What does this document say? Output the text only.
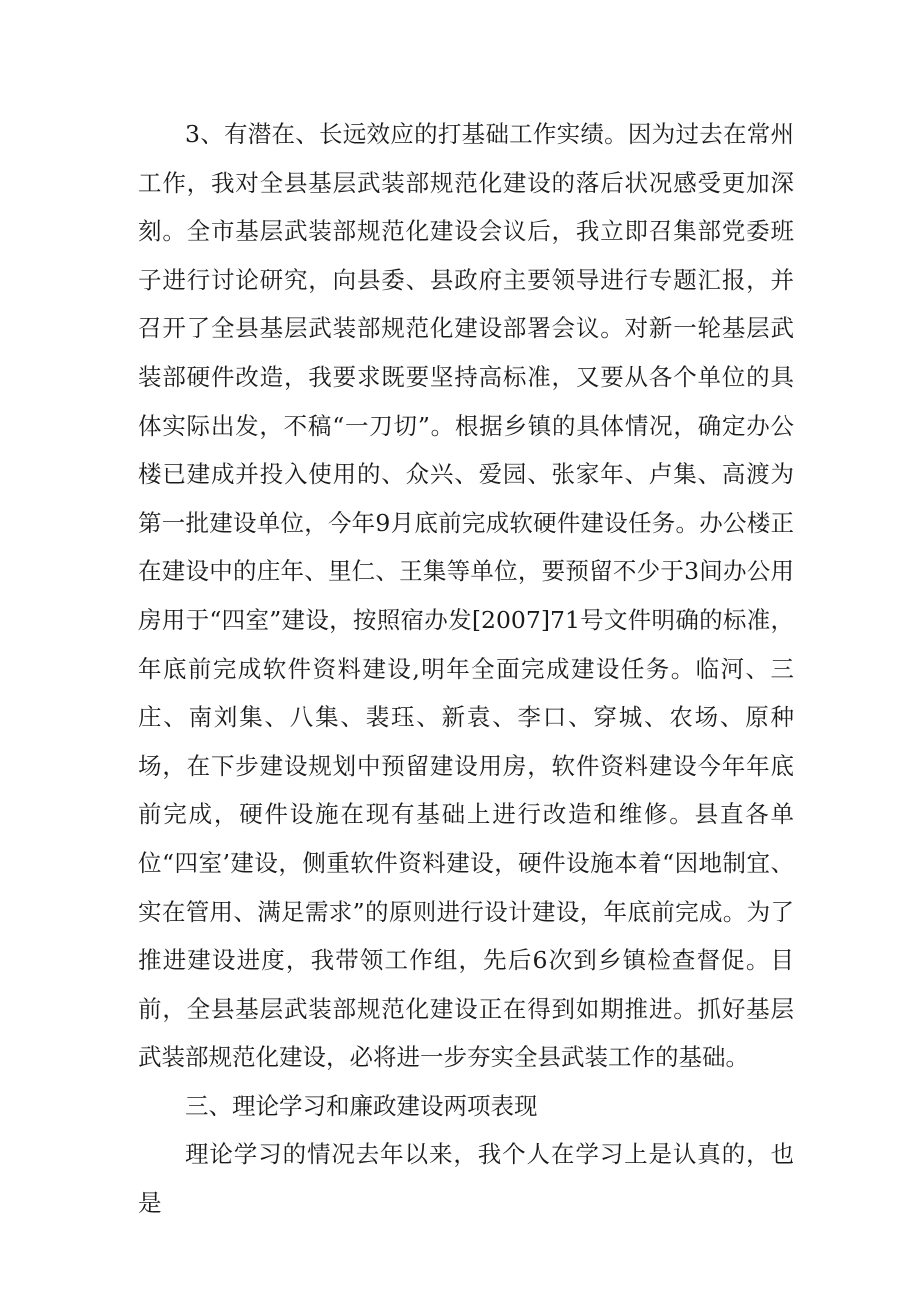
3、有潜在、长远效应的打基础工作实绩。因为过去在常州工作，我对全县基层武装部规范化建设的落后状况感受更加深刻。全市基层武装部规范化建设会议后，我立即召集部党委班子进行讨论研究，向县委、县政府主要领导进行专题汇报，并召开了全县基层武装部规范化建设部署会议。对新一轮基层武装部硬件改造，我要求既要坚持高标准，又要从各个单位的具体实际出发，不稿“一刀切”。根据乡镇的具体情况，确定办公楼已建成并投入使用的、众兴、爱园、张家年、卢集、高渡为第一批建设单位，今年9月底前完成软硬件建设任务。办公楼正在建设中的庄年、里仁、王集等单位，要预留不少于3间办公用房用于“四室”建设，按照宿办发[2007]71号文件明确的标准，年底前完成软件资料建设,明年全面完成建设任务。临河、三庄、南刘集、八集、裴珏、新袁、李口、穿城、农场、原种场，在下步建设规划中预留建设用房，软件资料建设今年年底前完成，硬件设施在现有基础上进行改造和维修。县直各单位“四室’建设，侧重软件资料建设，硬件设施本着“因地制宜、实在管用、满足需求”的原则进行设计建设，年底前完成。为了推进建设进度，我带领工作组，先后6次到乡镇检查督促。目前，全县基层武装部规范化建设正在得到如期推进。抓好基层武装部规范化建设，必将进一步夯实全县武装工作的基础。

三、理论学习和廉政建设两项表现

理论学习的情况去年以来，我个人在学习上是认真的，也是
